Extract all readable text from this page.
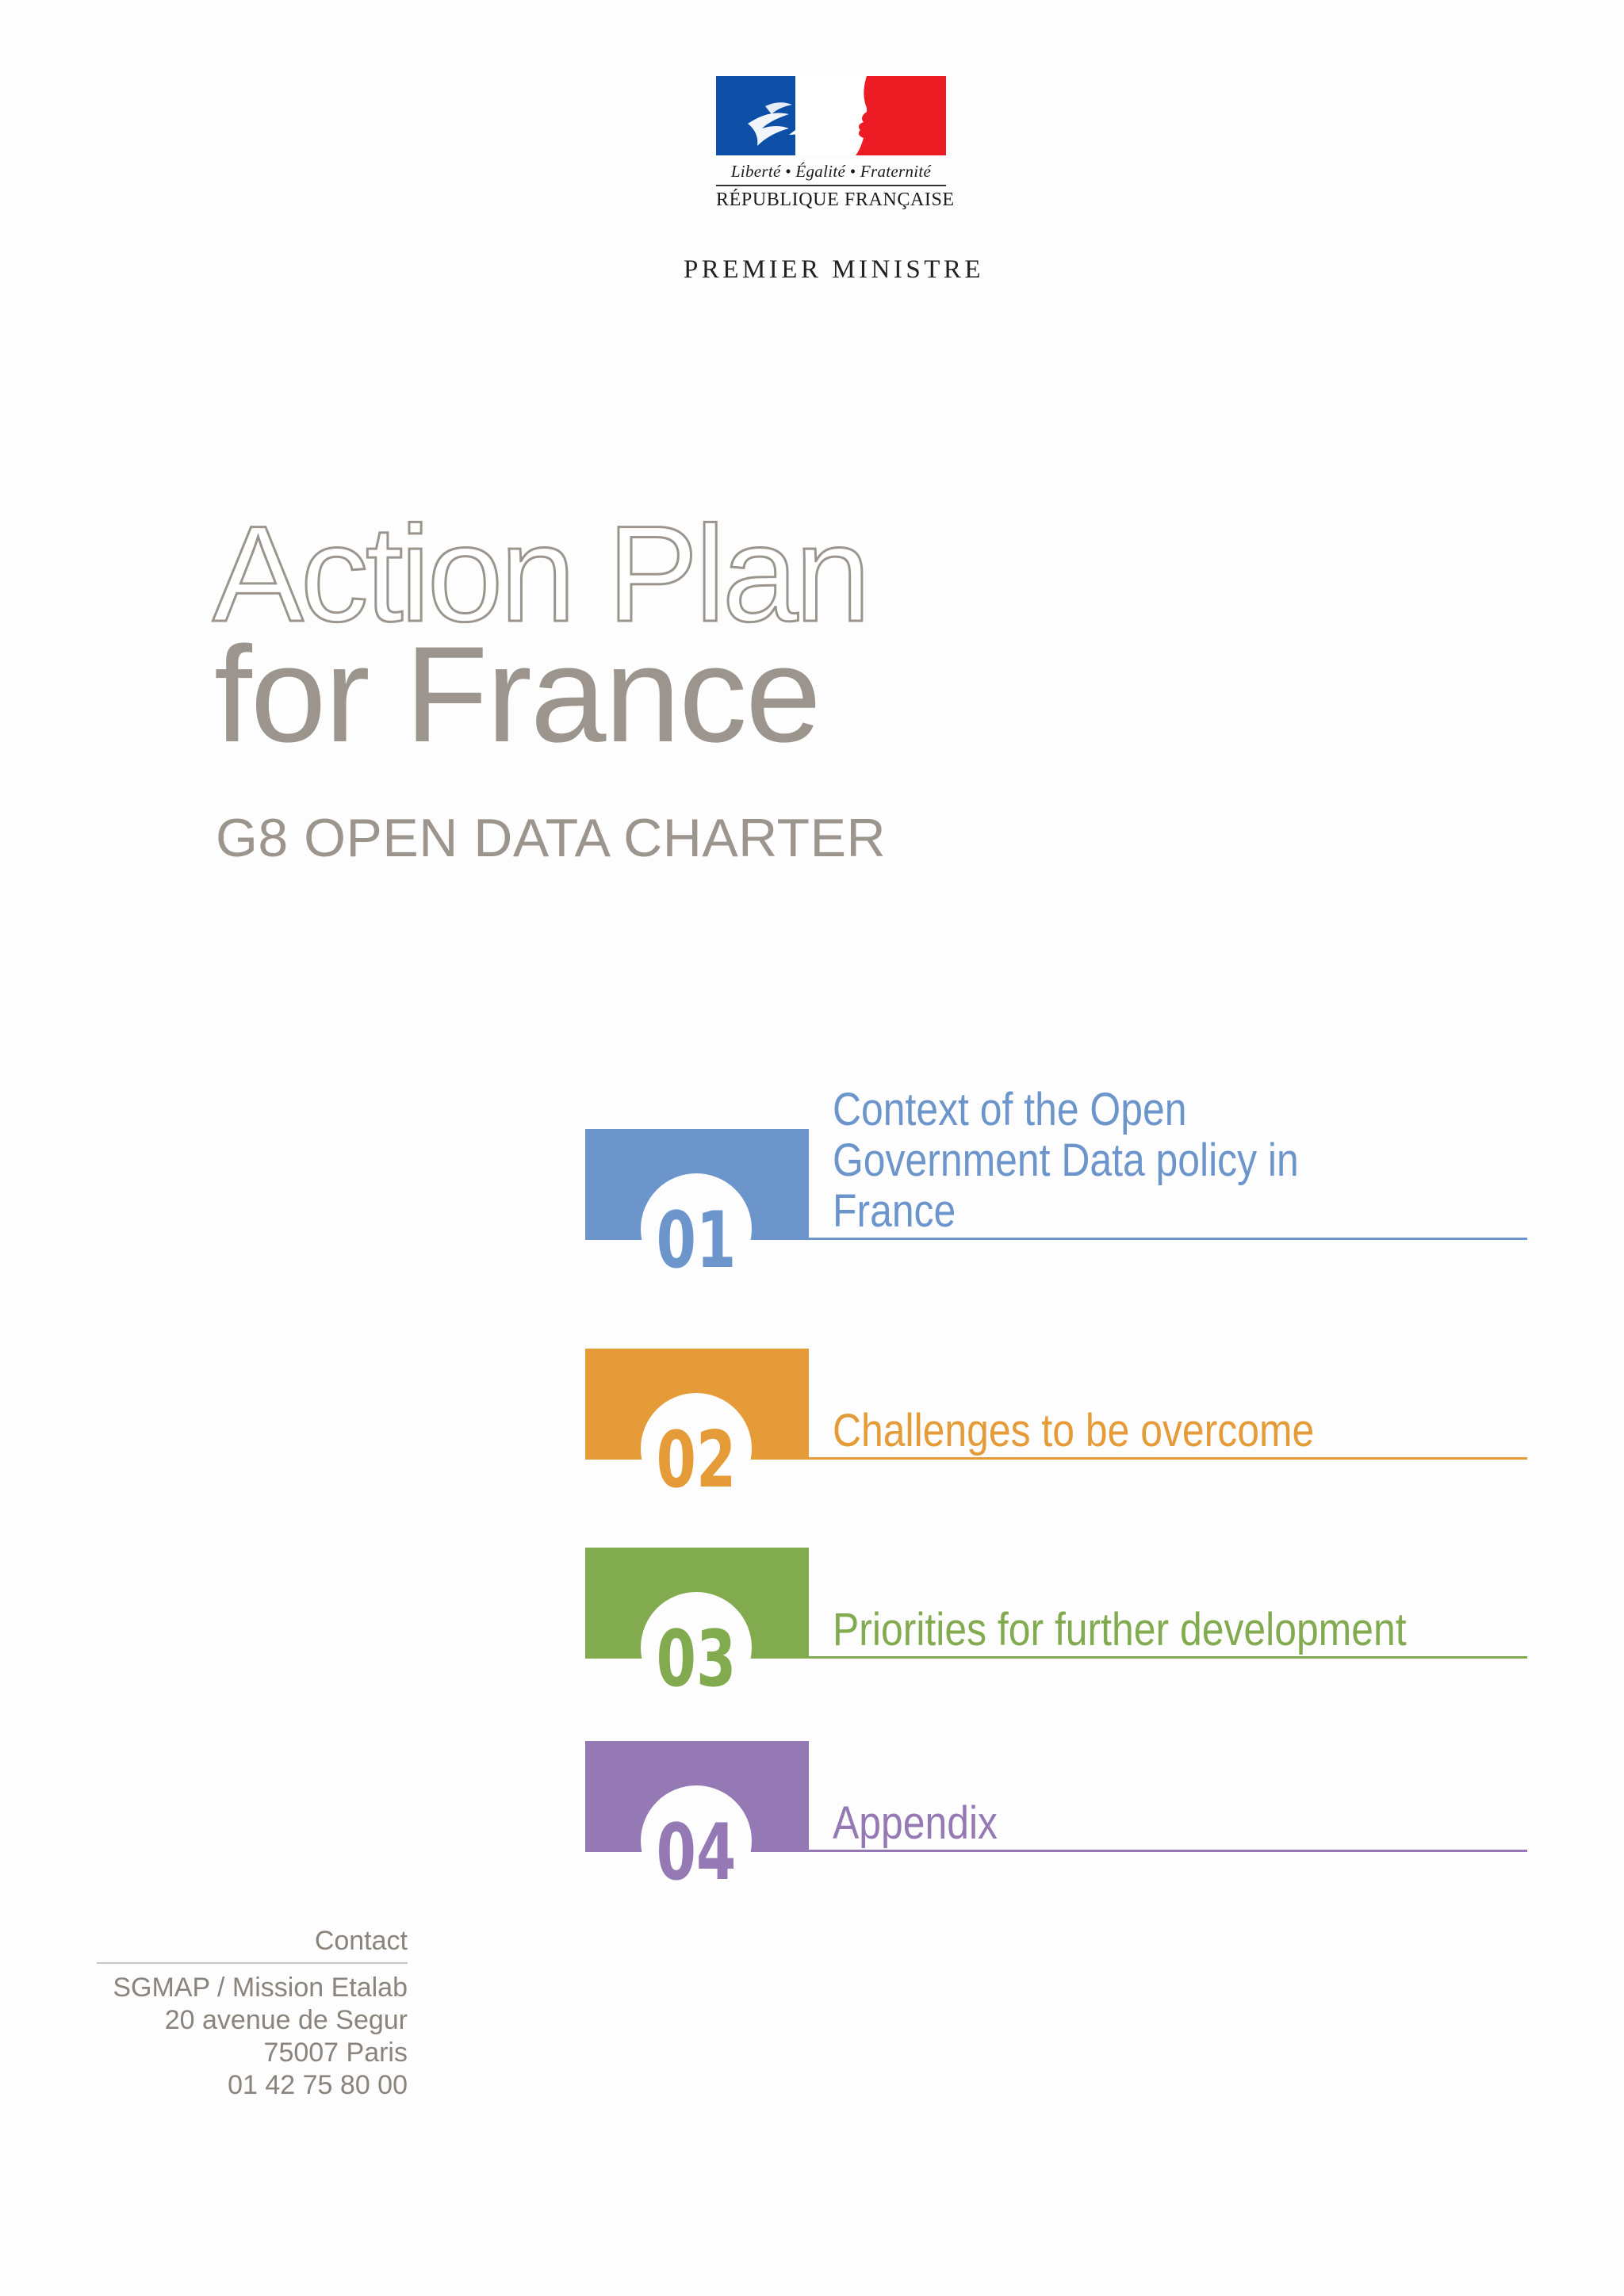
Liberté • Égalité • Fraternité
RÉPUBLIQUE FRANÇAISE
PREMIER MINISTRE
Action Plan
for France
G8 OPEN DATA CHARTER
01
Context of the Open Government Data policy in France
02 Challenges to be overcome
03 Priorities for further development
04 Appendix
Contact
SGMAP / Mission Etalab
20 avenue de Segur
75007 Paris
01 42 75 80 00
